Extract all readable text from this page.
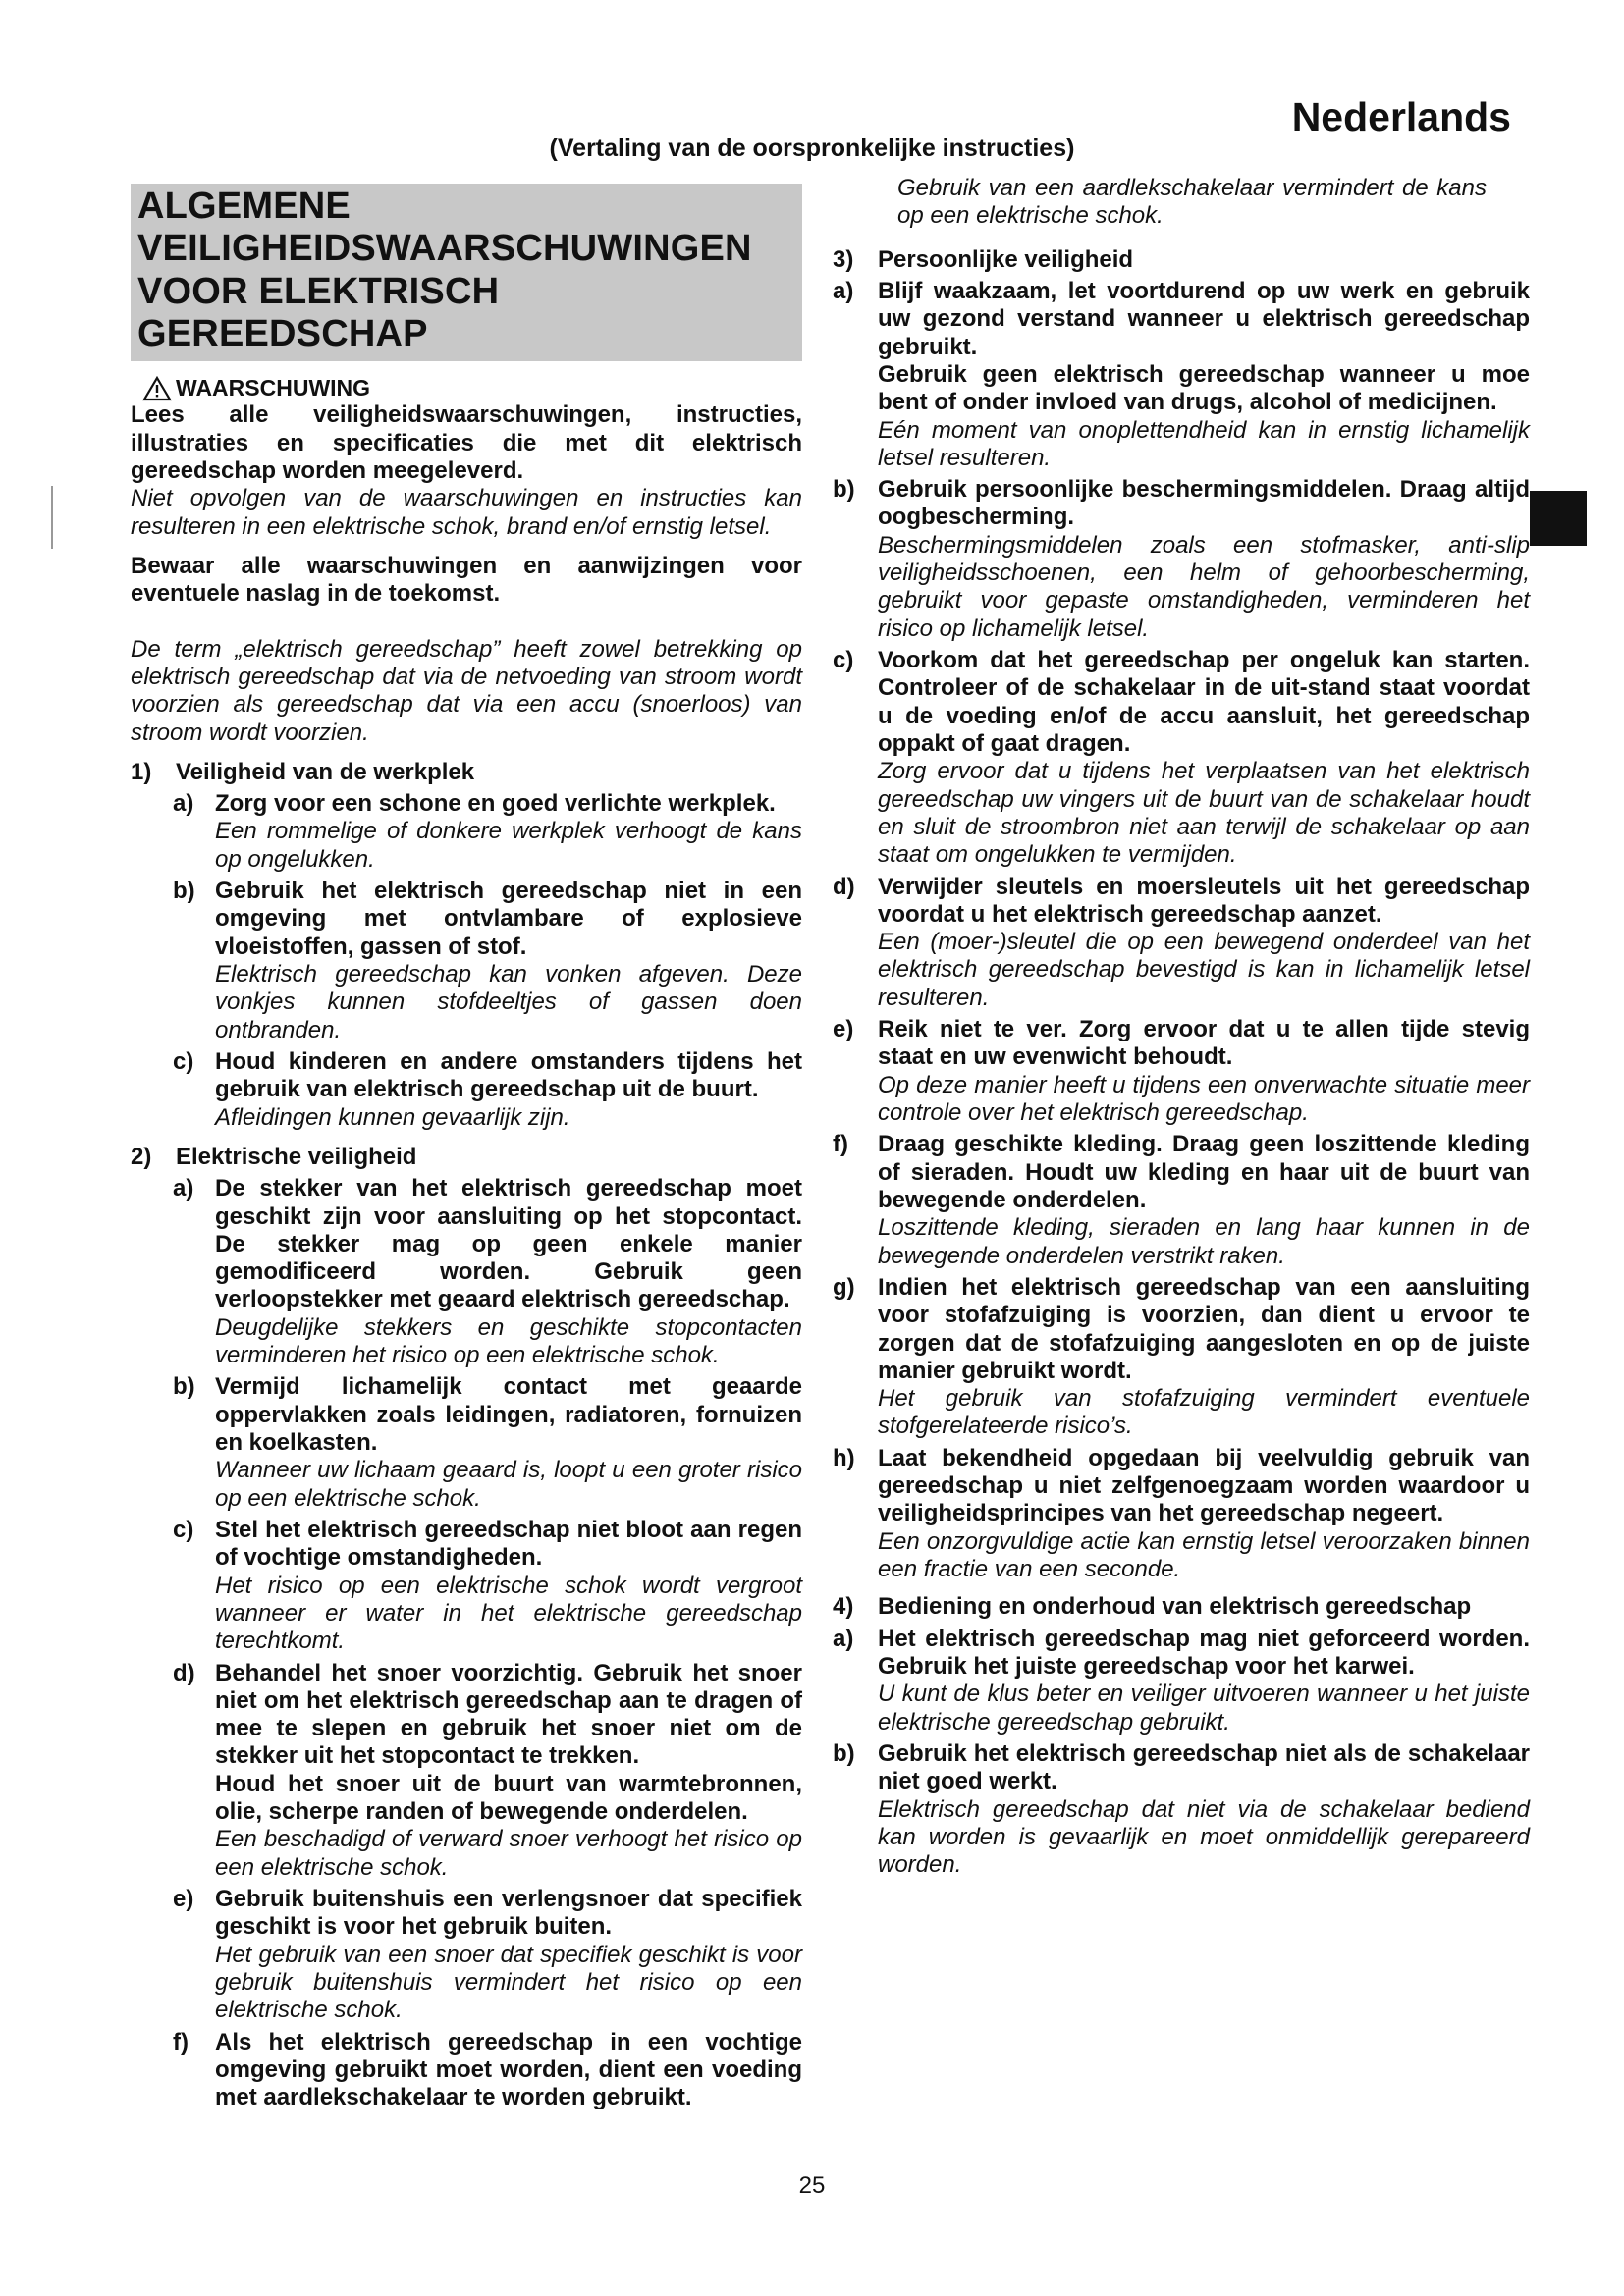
Nederlands
(Vertaling van de oorspronkelijke instructies)
ALGEMENE
VEILIGHEIDSWAARSCHUWINGEN
VOOR ELEKTRISCH GEREEDSCHAP
WAARSCHUWING

Lees alle veiligheidswaarschuwingen, instructies, illustraties en specificaties die met dit elektrisch gereedschap worden meegeleverd.

Niet opvolgen van de waarschuwingen en instructies kan resulteren in een elektrische schok, brand en/of ernstig letsel.

Bewaar alle waarschuwingen en aanwijzingen voor eventuele naslag in de toekomst.

De term „elektrisch gereedschap” heeft zowel betrekking op elektrisch gereedschap dat via de netvoeding van stroom wordt voorzien als gereedschap dat via een accu (snoerloos) van stroom wordt voorzien.

1)	Veiligheid van de werkplek
a) Zorg voor een schone en goed verlichte werkplek.

Een rommelige of donkere werkplek verhoogt de kans op ongelukken.

b) Gebruik het elektrisch gereedschap niet in een omgeving met ontvlambare of explosieve vloeistoffen, gassen of stof.

Elektrisch gereedschap kan vonken afgeven. Deze vonkjes kunnen stofdeeltjes of gassen doen ontbranden.

c) Houd kinderen en andere omstanders tijdens het gebruik van elektrisch gereedschap uit de buurt.

Afleidingen kunnen gevaarlijk zijn.

2)	Elektrische veiligheid
a) De stekker van het elektrisch gereedschap moet geschikt zijn voor aansluiting op het stopcontact. De stekker mag op geen enkele manier gemodificeerd worden. Gebruik geen verloopstekker met geaard elektrisch gereedschap.

Deugdelijke stekkers en geschikte stopcontacten verminderen het risico op een elektrische schok.

b) Vermijd lichamelijk contact met geaarde oppervlakken zoals leidingen, radiatoren, fornuizen en koelkasten.

Wanneer uw lichaam geaard is, loopt u een groter risico op een elektrische schok.

c) Stel het elektrisch gereedschap niet bloot aan regen of vochtige omstandigheden.

Het risico op een elektrische schok wordt vergroot wanneer er water in het elektrische gereedschap terechtkomt.

d) Behandel het snoer voorzichtig. Gebruik het snoer niet om het elektrisch gereedschap aan te dragen of mee te slepen en gebruik het snoer niet om de stekker uit het stopcontact te trekken.

Houd het snoer uit de buurt van warmtebronnen, olie, scherpe randen of bewegende onderdelen.

Een beschadigd of verward snoer verhoogt het risico op een elektrische schok.

e) Gebruik buitenshuis een verlengsnoer dat specifiek geschikt is voor het gebruik buiten.

Het gebruik van een snoer dat specifiek geschikt is voor gebruik buitenshuis vermindert het risico op een elektrische schok.

f)	Als het elektrisch gereedschap in een vochtige omgeving gebruikt moet worden, dient een voeding met aardlekschakelaar te worden gebruikt.

Gebruik van een aardlekschakelaar vermindert de kans op een elektrische schok.

3)	Persoonlijke veiligheid
a)	Blijf waakzaam, let voortdurend op uw werk en gebruik uw gezond verstand wanneer u elektrisch gereedschap gebruikt.

Gebruik geen elektrisch gereedschap wanneer u moe bent of onder invloed van drugs, alcohol of medicijnen.

Eén moment van onoplettendheid kan in ernstig lichamelijk letsel resulteren.

b) Gebruik persoonlijke beschermingsmiddelen. Draag altijd oogbescherming.

Beschermingsmiddelen zoals een stofmasker, anti-slip veiligheidsschoenen, een helm of gehoorbescherming, gebruikt voor gepaste omstandigheden, verminderen het risico op lichamelijk letsel.

c)	Voorkom dat het gereedschap per ongeluk kan starten. Controleer of de schakelaar in de uit-stand staat voordat u de voeding en/of de accu aansluit, het gereedschap oppakt of gaat dragen.

Zorg ervoor dat u tijdens het verplaatsen van het elektrisch gereedschap uw vingers uit de buurt van de schakelaar houdt en sluit de stroombron niet aan terwijl de schakelaar op aan staat om ongelukken te vermijden.

d) Verwijder sleutels en moersleutels uit het gereedschap voordat u het elektrisch gereedschap aanzet.

Een (moer-)sleutel die op een bewegend onderdeel van het elektrisch gereedschap bevestigd is kan in lichamelijk letsel resulteren.

e)	Reik niet te ver. Zorg ervoor dat u te allen tijde stevig staat en uw evenwicht behoudt.

Op deze manier heeft u tijdens een onverwachte situatie meer controle over het elektrisch gereedschap.

f)	Draag geschikte kleding. Draag geen loszittende kleding of sieraden. Houdt uw kleding en haar uit de buurt van bewegende onderdelen.

Loszittende kleding, sieraden en lang haar kunnen in de bewegende onderdelen verstrikt raken.

g) Indien het elektrisch gereedschap van een aansluiting voor stofafzuiging is voorzien, dan dient u ervoor te zorgen dat de stofafzuiging aangesloten en op de juiste manier gebruikt wordt.

Het gebruik van stofafzuiging vermindert eventuele stofgerelateerde risico’s.

h) Laat bekendheid opgedaan bij veelvuldig gebruik van gereedschap u niet zelfgenoegzaam worden waardoor u veiligheidsprincipes van het gereedschap negeert.

Een onzorgvuldige actie kan ernstig letsel veroorzaken binnen een fractie van een seconde.

4)	Bediening en onderhoud van elektrisch gereedschap
a)	Het elektrisch gereedschap mag niet geforceerd worden. Gebruik het juiste gereedschap voor het karwei.

U kunt de klus beter en veiliger uitvoeren wanneer u het juiste elektrische gereedschap gebruikt.

b) Gebruik het elektrisch gereedschap niet als de schakelaar niet goed werkt.

Elektrisch gereedschap dat niet via de schakelaar bediend kan worden is gevaarlijk en moet onmiddellijk gerepareerd worden.

25
